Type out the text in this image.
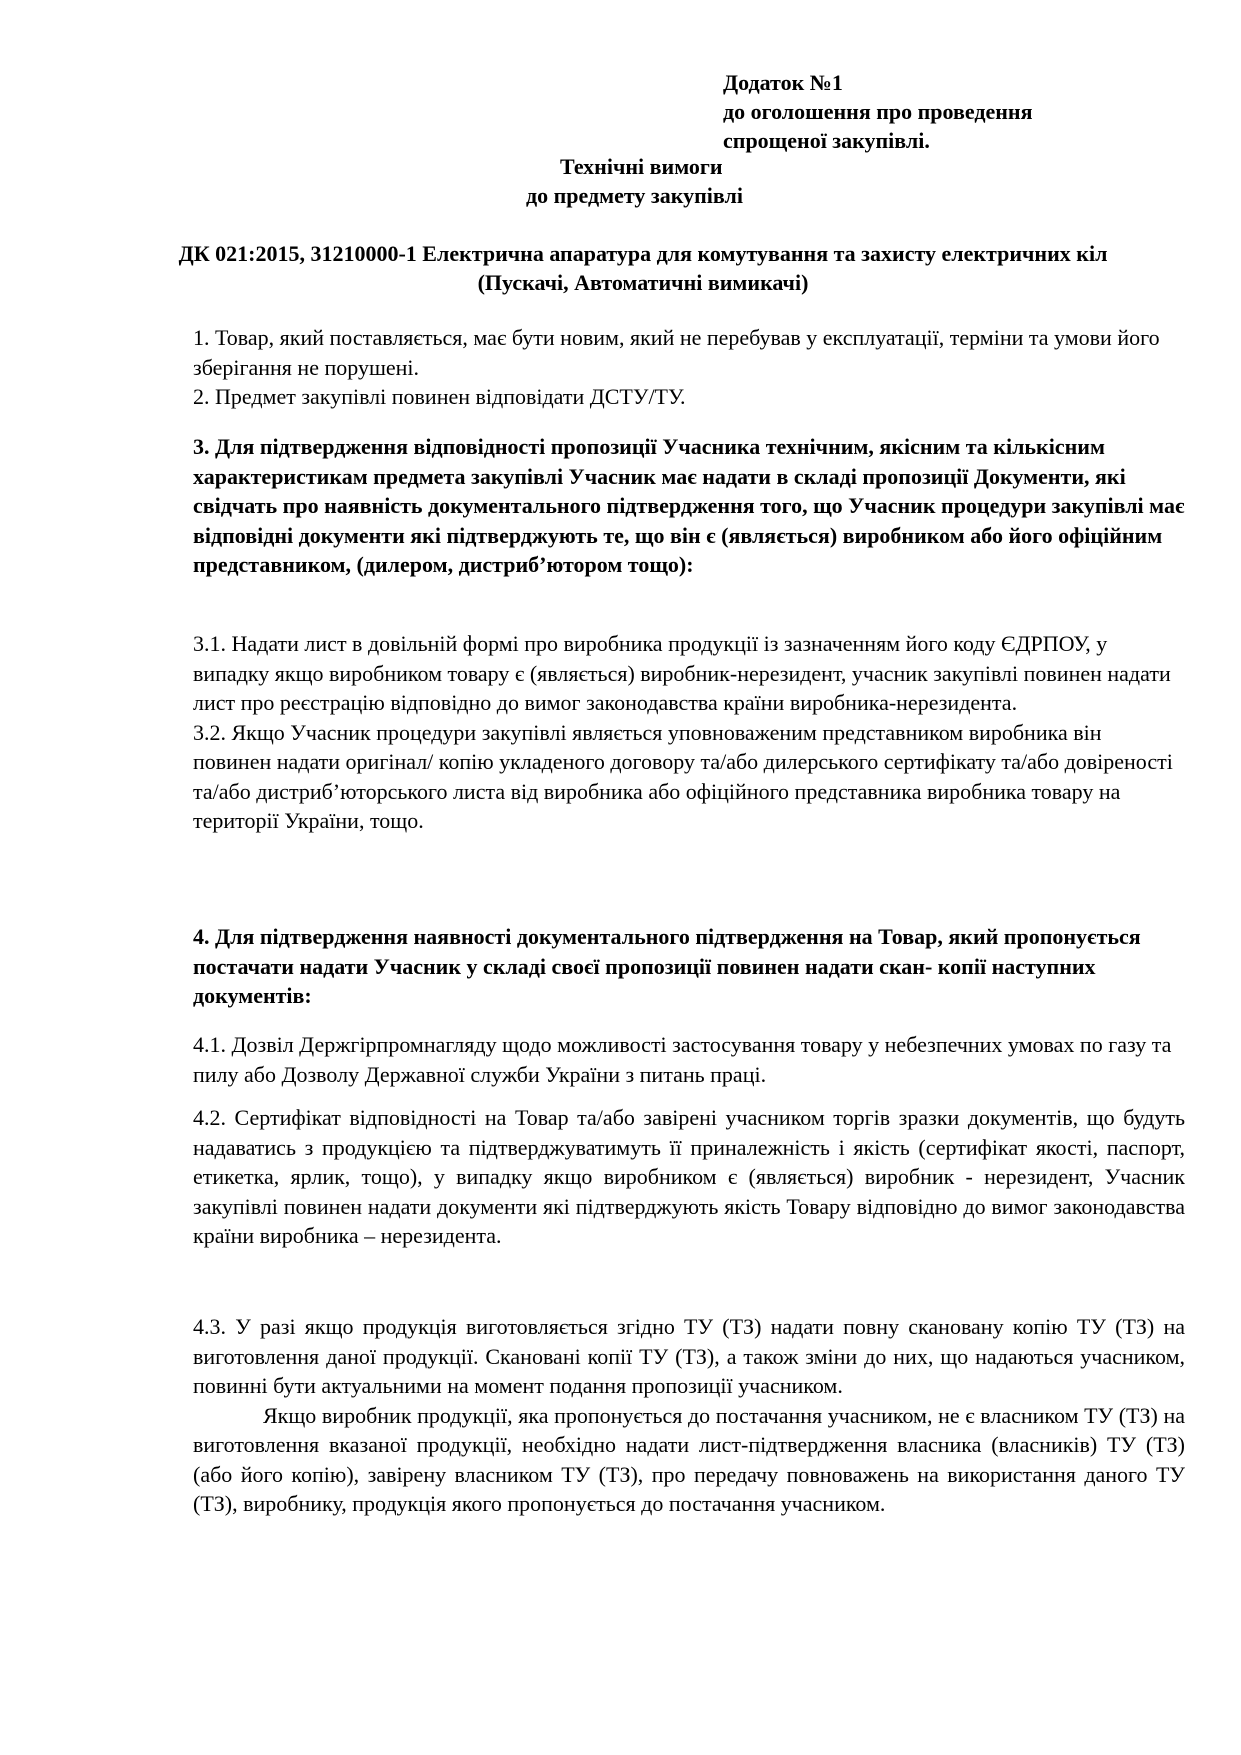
Додаток №1
до оголошення про проведення
спрощеної закупівлі.
Технічні вимоги
до предмету закупівлі
ДК 021:2015, 31210000-1 Електрична апаратура для комутування та захисту електричних кіл
(Пускачі, Автоматичні вимикачі)

1. Товар, який поставляється, має бути новим, який не перебував у експлуатації, терміни та умови його зберігання не порушені.

2. Предмет закупівлі повинен відповідати ДСТУ/ТУ.

3. Для підтвердження відповідності пропозиції Учасника технічним, якісним та кількісним характеристикам предмета закупівлі Учасник має надати в складі пропозиції Документи, які свідчать про наявність документального підтвердження того, що Учасник процедури закупівлі має відповідні документи які підтверджують те, що він є (являється) виробником або його офіційним представником, (дилером, дистриб’ютором тощо):

3.1. Надати лист в довільній формі про виробника продукції із зазначенням його коду ЄДРПОУ, у випадку якщо виробником товару є (являється) виробник-нерезидент, учасник закупівлі повинен надати лист про реєстрацію відповідно до вимог законодавства країни виробника-нерезидента.

3.2. Якщо Учасник процедури закупівлі являється уповноваженим представником виробника він повинен надати оригінал/ копію укладеного договору та/або дилерського сертифікату та/або довіреності та/або дистриб’юторського листа від виробника або офіційного представника виробника товару на території України, тощо.

4. Для підтвердження наявності документального підтвердження на Товар, який пропонується постачати надати Учасник у складі своєї пропозиції повинен надати скан- копії наступних документів:

4.1. Дозвіл Держгірпромнагляду щодо можливості застосування товару у небезпечних умовах по газу та пилу або Дозволу Державної служби України з питань праці.

4.2. Сертифікат відповідності на Товар та/або завірені учасником торгів зразки документів, що будуть надаватись з продукцією та підтверджуватимуть її приналежність і якість (сертифікат якості, паспорт, етикетка, ярлик, тощо), у випадку якщо виробником є (являється) виробник - нерезидент, Учасник закупівлі повинен надати документи які підтверджують якість Товару відповідно до вимог законодавства країни виробника – нерезидента.

4.3. У разі якщо продукція виготовляється згідно ТУ (ТЗ) надати повну скановану копію ТУ (ТЗ) на виготовлення даної продукції. Скановані копії ТУ (ТЗ), а також зміни до них, що надаються учасником, повинні бути актуальними на момент подання пропозиції учасником.

Якщо виробник продукції, яка пропонується до постачання учасником, не є власником ТУ (ТЗ) на виготовлення вказаної продукції, необхідно надати лист-підтвердження власника (власників) ТУ (ТЗ) (або його копію), завірену власником ТУ (ТЗ), про передачу повноважень на використання даного ТУ (ТЗ), виробнику, продукція якого пропонується до постачання учасником.
